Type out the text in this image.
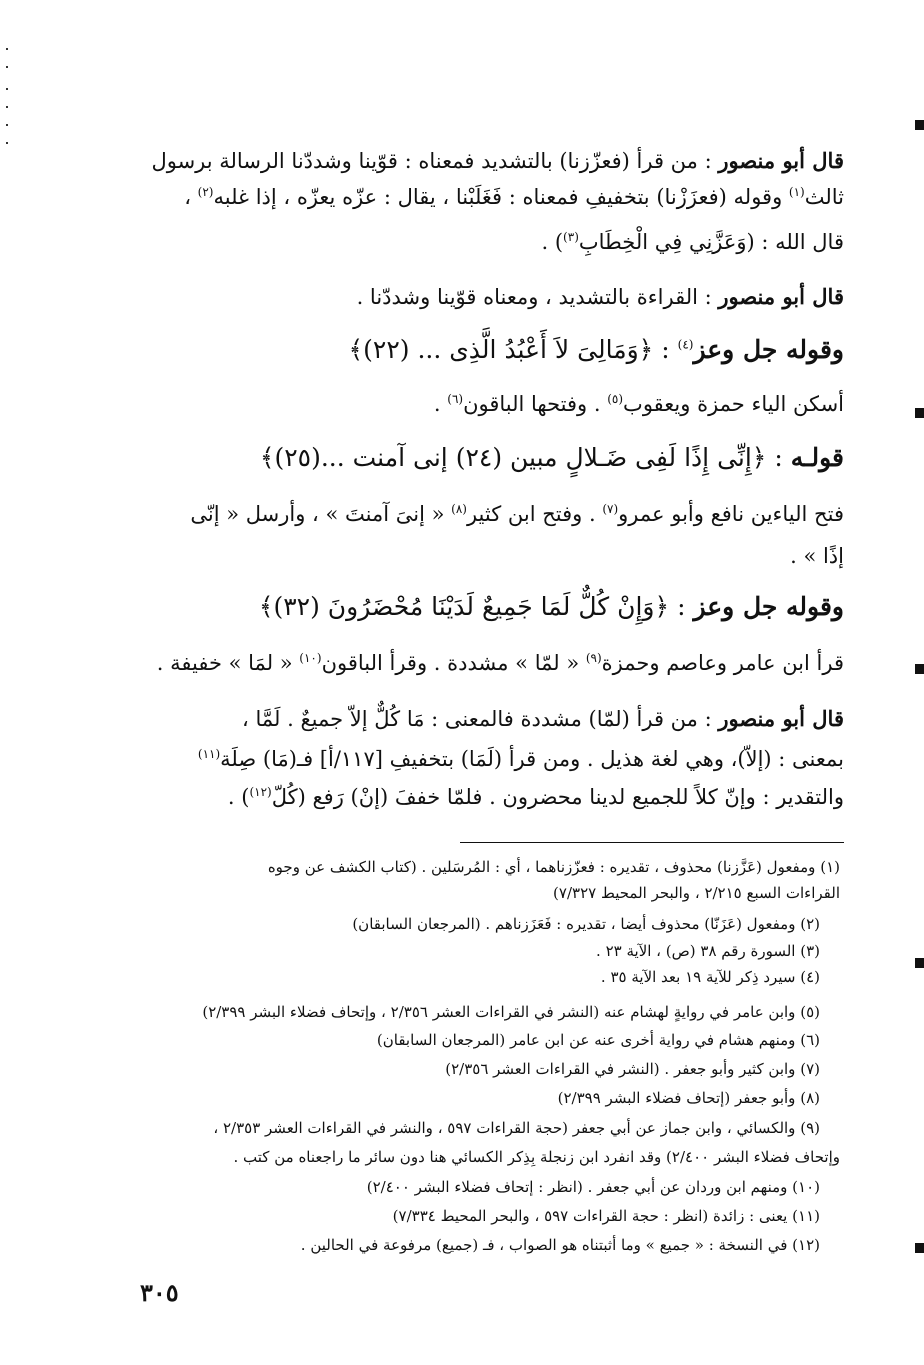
قال أبو منصور : من قرأ (فعزّزنا) بالتشديد فمعناه : قوّينا وشددّنا الرسالة برسول
ثالث$^{(١)}$ وقوله (فعزَزْنا) بتخفيفِ فمعناه : فَغَلَبْنا ، يقال : عزّه يعزّه ، إذا غلبه$^{(٢)}$ ،
قال الله : (وَعَزَّنِي فِي الْخِطَابِ$^{(٣)}$) .
قال أبو منصور : القراءة بالتشديد ، ومعناه قوّينا وشددّنا .
وقوله جل وعز$^{(٤)}$ : ﴿وَمَالِىَ لاَ أَعْبُدُ الَّذِى ... (٢٢)﴾
أسكن الياء حمزة ويعقوب$^{(٥)}$ . وفتحها الباقون$^{(٦)}$ .
قولـه : ﴿إِنِّى إِذًا لَفِى ضَـلالٍ مبين (٢٤) إنى آمنت ...(٢٥)﴾
فتح الياءين نافع وأبو عمرو$^{(٧)}$ . وفتح ابن كثير$^{(٨)}$ « إنىَ آمنتَ » ، وأرسل « إنّى
إذًا » .
وقوله جل وعز : ﴿وَإِنْ كُلٌّ لَمَا جَمِيعٌ لَدَيْنَا مُحْضَرُونَ (٣٢)﴾
قرأ ابن عامر وعاصم وحمزة$^{(٩)}$ « لمّا » مشددة . وقرأ الباقون$^{(١٠)}$ « لمَا » خفيفة .
قال أبو منصور : من قرأ (لمّا) مشددة فالمعنى : مَا كُلٌّ إلاّ جميعٌ . لَمَّا ،
بمعنى : (إلاّ)، وهي لغة هذيل . ومن قرأ (لَمَا) بتخفيفِ [١١٧/أ] فـ(مَا) صِلَة$^{(١١)}$
والتقدير : وإنّ كلاً للجميع لدينا محضرون . فلمّا خففَ (إنْ) رَفع (كُلّ$^{(١٢)}$) .
(١) ومفعول (عَزَّزنا) محذوف ، تقديره : فعزّزناهما ، أي : المُرسَلين . (كتاب الكشف عن وجوه
القراءات السبع ٢/٢١٥ ، والبحر المحيط ٧/٣٢٧)
(٢) ومفعول (عَزَنّا) محذوف أيضا ، تقديره : فَعَزَزناهم . (المرجعان السابقان)
(٣) السورة رقم ٣٨ (ص) ، الآية ٢٣ .
(٤) سيرد ذِكر للآية ١٩ بعد الآية ٣٥ .
(٥) وابن عامر في روايةٍ لهشام عنه (النشر في القراءات العشر ٢/٣٥٦ ، وإتحاف فضلاء البشر ٢/٣٩٩)
(٦) ومنهم هشام في رواية أخرى عنه عن ابن عامر (المرجعان السابقان)
(٧) وابن كثير وأبو جعفر . (النشر في القراءات العشر ٢/٣٥٦)
(٨) وأبو جعفر (إتحاف فضلاء البشر ٢/٣٩٩)
(٩) والكسائي ، وابن جماز عن أبي جعفر (حجة القراءات ٥٩٧ ، والنشر في القراءات العشر ٢/٣٥٣ ،
وإتحاف فضلاء البشر ٢/٤٠٠) وقد انفرد ابن زنجلة بِذِكر الكسائي هنا دون سائر ما راجعناه من كتب .
(١٠) ومنهم ابن وردان عن أبي جعفر . (انظر : إتحاف فضلاء البشر ٢/٤٠٠)
(١١) يعنى : زائدة (انظر : حجة القراءات ٥٩٧ ، والبحر المحيط ٧/٣٣٤)
(١٢) في النسخة : « جميع » وما أثبتناه هو الصواب ، فـ (جميع) مرفوعة في الحالين .
٣٠٥
